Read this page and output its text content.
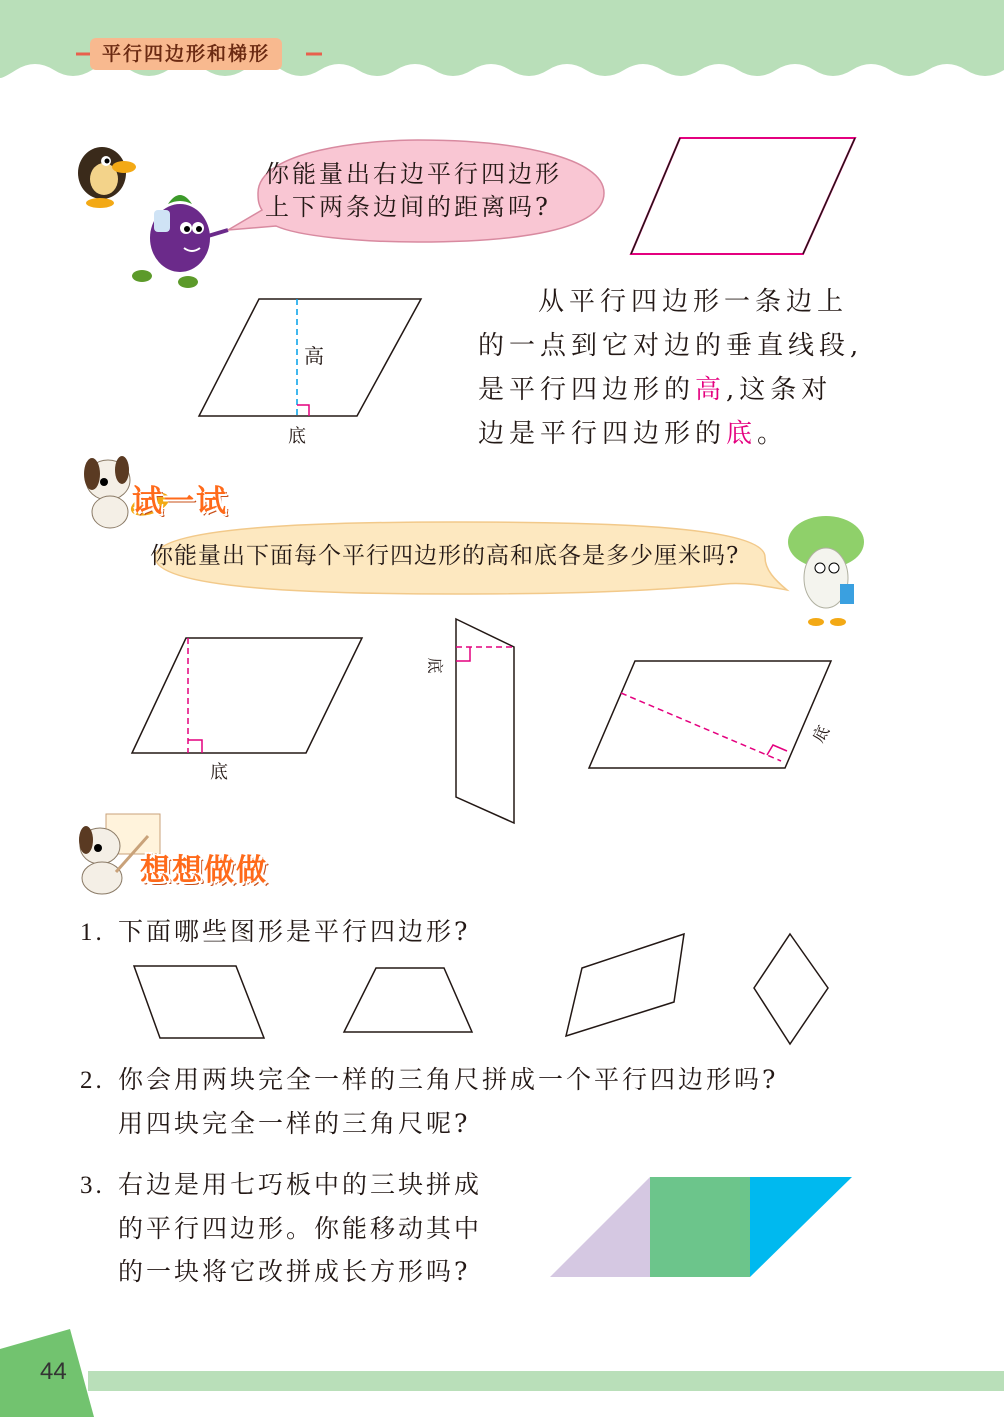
平行四边形和梯形
你能量出右边平行四边形
上下两条边间的距离吗?
高
底
从平行四边形一条边上
的一点到它对边的垂直线段,
是平行四边形的高,这条对
边是平行四边形的底。
试一试
你能量出下面每个平行四边形的高和底各是多少厘米吗?
底
底
底
想想做做
1. 下面哪些图形是平行四边形?
2. 你会用两块完全一样的三角尺拼成一个平行四边形吗?
用四块完全一样的三角尺呢?
3. 右边是用七巧板中的三块拼成
的平行四边形。你能移动其中
的一块将它改拼成长方形吗?
44
